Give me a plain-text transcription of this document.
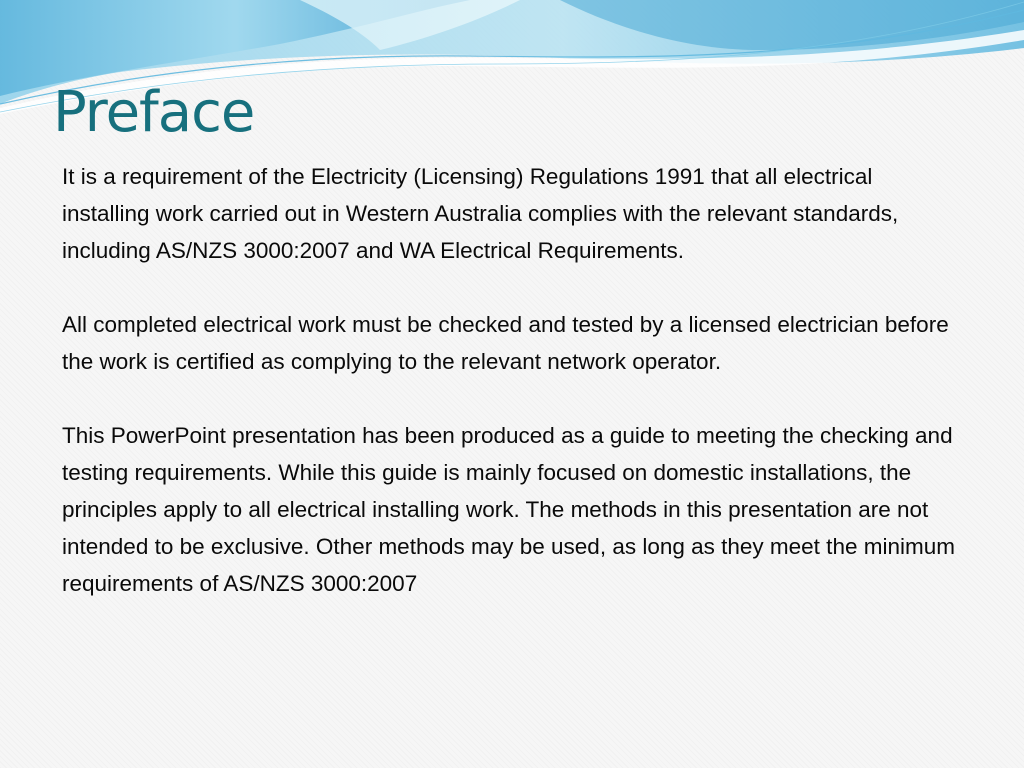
Preface

It is a requirement of the Electricity (Licensing) Regulations 1991 that all electrical installing work carried out in Western Australia complies with the relevant standards, including AS/NZS 3000:2007 and WA Electrical Requirements.

All completed electrical work must be checked and tested by a licensed electrician before the work is certified as complying to the relevant network operator.

This PowerPoint presentation has been produced as a guide to meeting the checking and testing requirements. While this guide is mainly focused on domestic installations, the principles apply to all electrical installing work. The methods in this presentation are not intended to be exclusive. Other methods may be used, as long as they meet the minimum requirements of AS/NZS 3000:2007
